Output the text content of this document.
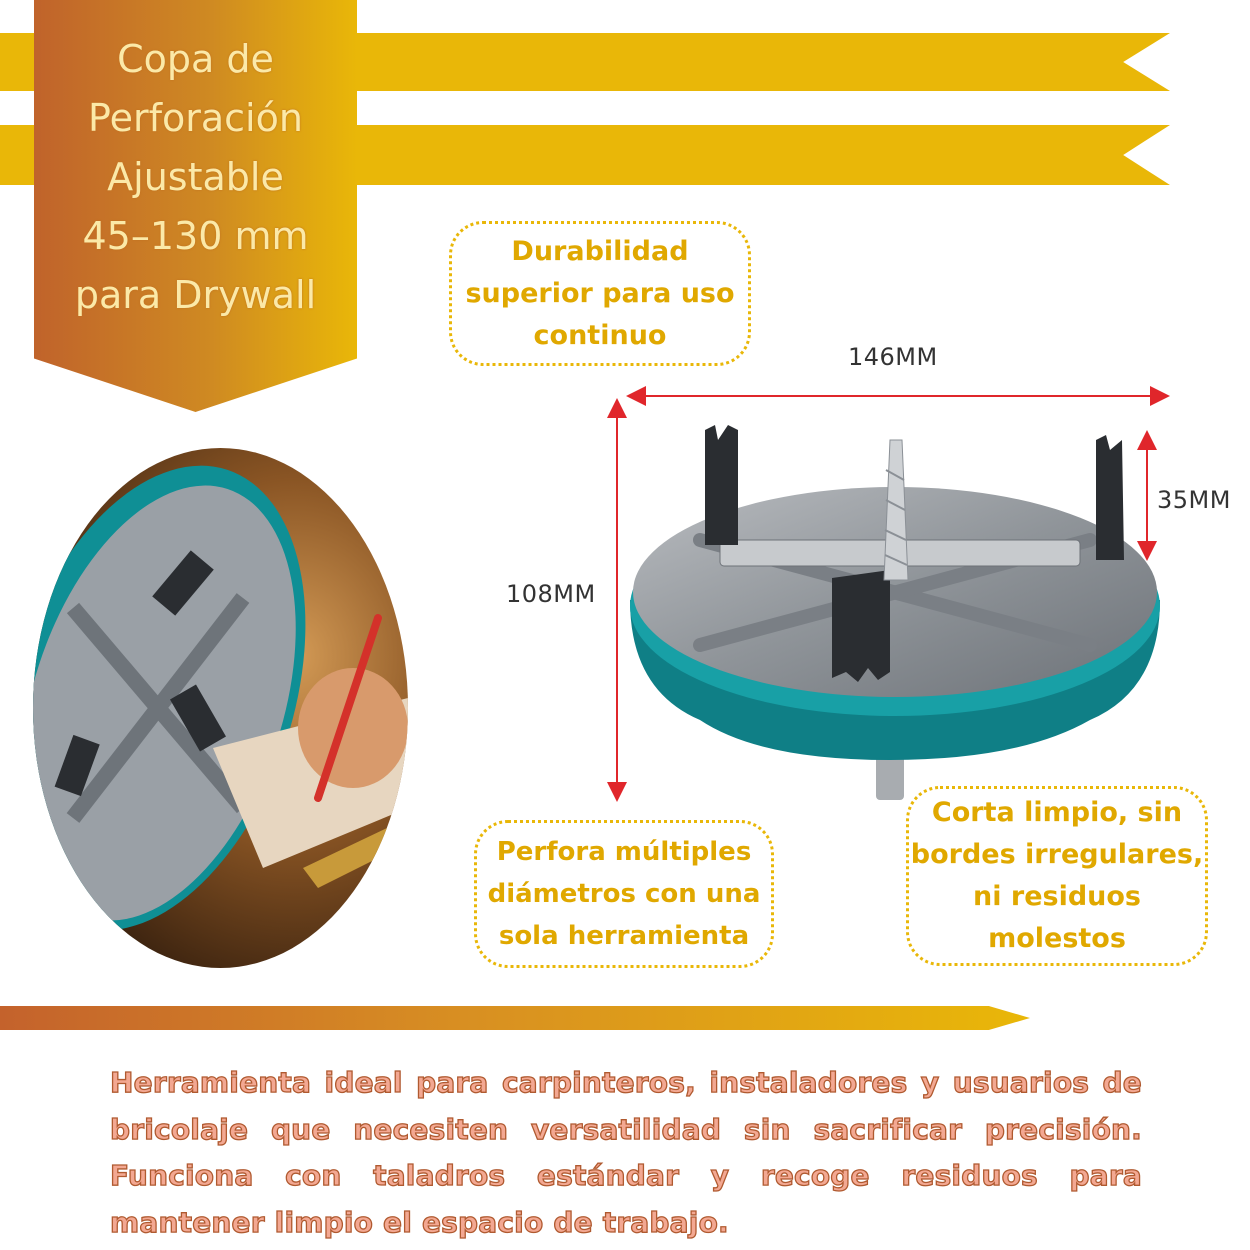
Copa de
Perforación
Ajustable
45–130 mm
para Drywall
Durabilidad superior para uso continuo
Perfora múltiples diámetros con una sola herramienta
Corta limpio, sin bordes irregulares, ni residuos molestos
146MM
108MM
35MM
Herramienta ideal para carpinteros, instaladores y usuarios de bricolaje que necesiten versatilidad sin sacrificar precisión. Funciona con taladros estándar y recoge residuos para mantener limpio el espacio de trabajo.
